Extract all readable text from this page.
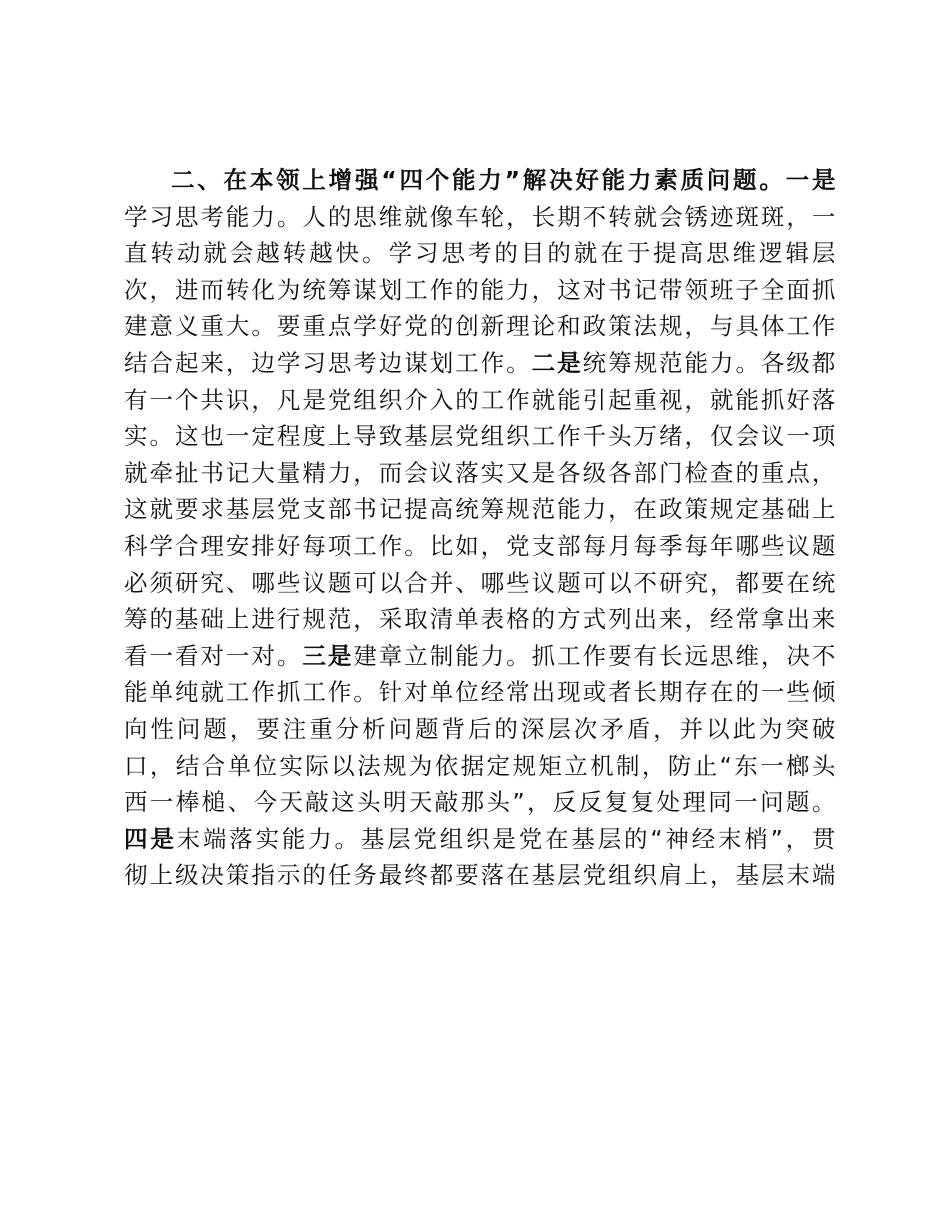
二、在本领上增强“四个能力”解决好能力素质问题。一是
学习思考能力。人的思维就像车轮，长期不转就会锈迹斑斑，一
直转动就会越转越快。学习思考的目的就在于提高思维逻辑层
次，进而转化为统筹谋划工作的能力，这对书记带领班子全面抓
建意义重大。要重点学好党的创新理论和政策法规，与具体工作
结合起来，边学习思考边谋划工作。二是统筹规范能力。各级都
有一个共识，凡是党组织介入的工作就能引起重视，就能抓好落
实。这也一定程度上导致基层党组织工作千头万绪，仅会议一项
就牵扯书记大量精力，而会议落实又是各级各部门检查的重点，
这就要求基层党支部书记提高统筹规范能力，在政策规定基础上
科学合理安排好每项工作。比如，党支部每月每季每年哪些议题
必须研究、哪些议题可以合并、哪些议题可以不研究，都要在统
筹的基础上进行规范，采取清单表格的方式列出来，经常拿出来
看一看对一对。三是建章立制能力。抓工作要有长远思维，决不
能单纯就工作抓工作。针对单位经常出现或者长期存在的一些倾
向性问题，要注重分析问题背后的深层次矛盾，并以此为突破
口，结合单位实际以法规为依据定规矩立机制，防止“东一榔头
西一棒槌、今天敲这头明天敲那头”，反反复复处理同一问题。
四是末端落实能力。基层党组织是党在基层的“神经末梢”，贯
彻上级决策指示的任务最终都要落在基层党组织肩上，基层末端
